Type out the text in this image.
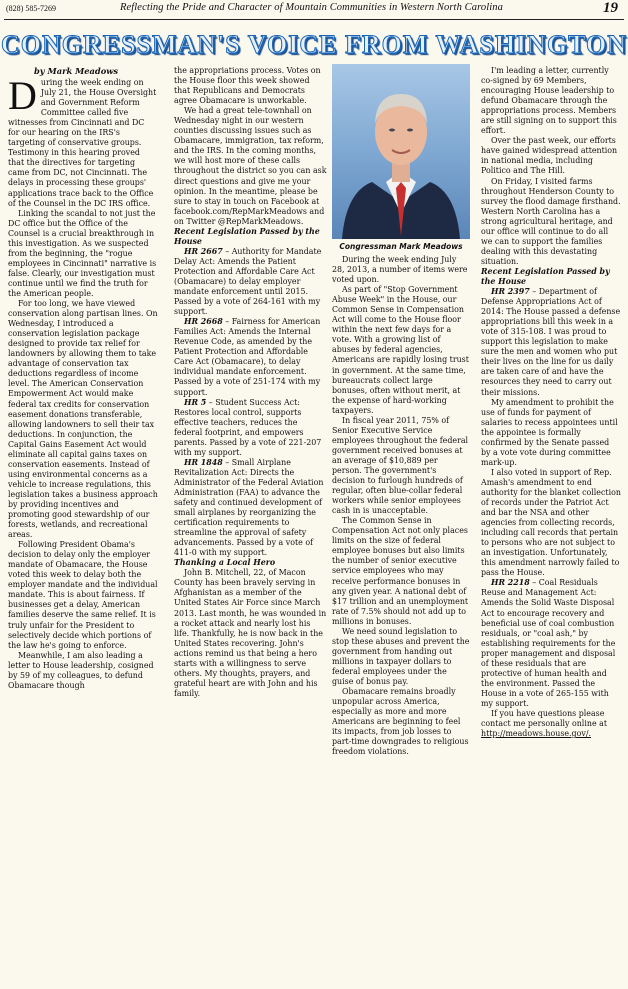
(828) 585-7269	Reflecting the Pride and Character of Mountain Communities in Western North Carolina	19
CONGRESSMAN'S VOICE FROM WASHINGTON
by Mark Meadows

During the week ending on July 21, the House Oversight and Government Reform Committee called five witnesses from Cincinnati and DC for our hearing on the IRS's targeting of conservative groups. Testimony in this hearing proved that the directives for targeting came from DC, not Cincinnati. The delays in processing these groups' applications trace back to the Office of the Counsel in the DC IRS office.

Linking the scandal to not just the DC office but the Office of the Counsel is a crucial breakthrough in this investigation. As we suspected from the beginning, the "rogue employees in Cincinnati" narrative is false. Clearly, our investigation must continue until we find the truth for the American people.

For too long, we have viewed conservation along partisan lines. On Wednesday, I introduced a conservation legislation package designed to provide tax relief for landowners by allowing them to take advantage of conservation tax deductions regardless of income level. The American Conservation Empowerment Act would make federal tax credits for conservation easement donations transferable, allowing landowners to sell their tax deductions. In conjunction, the Capital Gains Easement Act would eliminate all capital gains taxes on conservation easements. Instead of using environmental concerns as a vehicle to increase regulations, this legislation takes a business approach by providing incentives and promoting good stewardship of our forests, wetlands, and recreational areas.

Following President Obama's decision to delay only the employer mandate of Obamacare, the House voted this week to delay both the employer mandate and the individual mandate. This is about fairness. If businesses get a delay, American families deserve the same relief. It is truly unfair for the President to selectively decide which portions of the law he's going to enforce.

Meanwhile, I am also leading a letter to House leadership, cosigned by 59 of my colleagues, to defund Obamacare though

the appropriations process. Votes on the House floor this week showed that Republicans and Democrats agree Obamacare is unworkable.

We had a great tele-townhall on Wednesday night in our western counties discussing issues such as Obamacare, immigration, tax reform, and the IRS. In the coming months, we will host more of these calls throughout the district so you can ask direct questions and give me your opinion. In the meantime, please be sure to stay in touch on Facebook at facebook.com/RepMarkMeadows and on Twitter @RepMarkMeadows.

Recent Legislation Passed by the House

HR 2667 – Authority for Mandate Delay Act: Amends the Patient Protection and Affordable Care Act (Obamacare) to delay employer mandate enforcement until 2015. Passed by a vote of 264-161 with my support.

HR 2668 – Fairness for American Families Act: Amends the Internal Revenue Code, as amended by the Patient Protection and Affordable Care Act (Obamacare), to delay individual mandate enforcement. Passed by a vote of 251-174 with my support.

HR 5 – Student Success Act: Restores local control, supports effective teachers, reduces the federal footprint, and empowers parents. Passed by a vote of 221-207 with my support.

HR 1848 – Small Airplane Revitalization Act: Directs the Administrator of the Federal Aviation Administration (FAA) to advance the safety and continued development of small airplanes by reorganizing the certification requirements to streamline the approval of safety advancements. Passed by a vote of 411-0 with my support.

Thanking a Local Hero

John B. Mitchell, 22, of Macon County has been bravely serving in Afghanistan as a member of the United States Air Force since March 2013. Last month, he was wounded in a rocket attack and nearly lost his life. Thankfully, he is now back in the United States recovering. John's actions remind us that being a hero starts with a willingness to serve others. My thoughts, prayers, and grateful heart are with John and his family.

Congressman Mark Meadows

During the week ending July 28, 2013, a number of items were voted upon.

As part of "Stop Government Abuse Week" in the House, our Common Sense in Compensation Act will come to the House floor within the next few days for a vote. With a growing list of abuses by federal agencies, Americans are rapidly losing trust in government. At the same time, bureaucrats collect large bonuses, often without merit, at the expense of hard-working taxpayers.

In fiscal year 2011, 75% of Senior Executive Service employees throughout the federal government received bonuses at an average of $10,889 per person. The government's decision to furlough hundreds of regular, often blue-collar federal workers while senior employees cash in is unacceptable.

The Common Sense in Compensation Act not only places limits on the size of federal employee bonuses but also limits the number of senior executive service employees who may receive performance bonuses in any given year. A national debt of $17 trillion and an unemployment rate of 7.5% should not add up to millions in bonuses.

We need sound legislation to stop these abuses and prevent the government from handing out millions in taxpayer dollars to federal employees under the guise of bonus pay.

Obamacare remains broadly unpopular across America, especially as more and more Americans are beginning to feel its impacts, from job losses to part-time downgrades to religious freedom violations.

I'm leading a letter, currently co-signed by 69 Members, encouraging House leadership to defund Obamacare through the appropriations process. Members are still signing on to support this effort.

Over the past week, our efforts have gained widespread attention in national media, including Politico and The Hill.

On Friday, I visited farms throughout Henderson County to survey the flood damage firsthand. Western North Carolina has a strong agricultural heritage, and our office will continue to do all we can to support the families dealing with this devastating situation.

Recent Legislation Passed by the House

HR 2397 – Department of Defense Appropriations Act of 2014: The House passed a defense appropriations bill this week in a vote of 315-108. I was proud to support this legislation to make sure the men and women who put their lives on the line for us daily are taken care of and have the resources they need to carry out their missions.

My amendment to prohibit the use of funds for payment of salaries to recess appointees until the appointee is formally confirmed by the Senate passed by a vote vote during committee mark-up.

I also voted in support of Rep. Amash's amendment to end authority for the blanket collection of records under the Patriot Act and bar the NSA and other agencies from collecting records, including call records that pertain to persons who are not subject to an investigation. Unfortunately, this amendment narrowly failed to pass the House.

HR 2218 – Coal Residuals Reuse and Management Act: Amends the Solid Waste Disposal Act to encourage recovery and beneficial use of coal combustion residuals, or "coal ash," by establishing requirements for the proper management and disposal of these residuals that are protective of human health and the environment. Passed the House in a vote of 265-155 with my support.

If you have questions please contact me personally online at http://meadows.house.gov/.
